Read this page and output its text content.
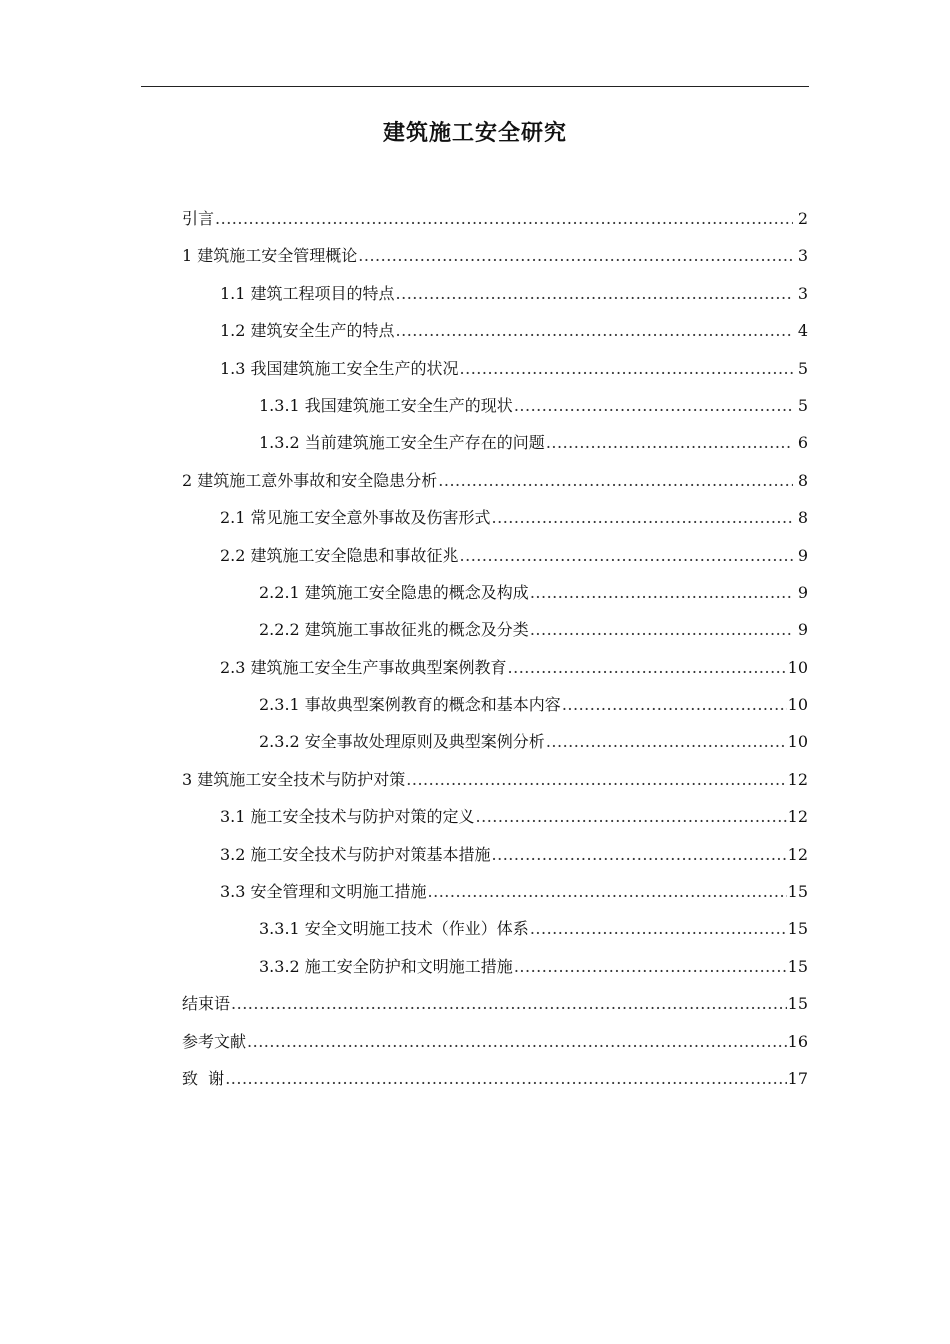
建筑施工安全研究
引言 .....	2
1 建筑施工安全管理概论 .....	3
1.1 建筑工程项目的特点 .....	3
1.2 建筑安全生产的特点 .....	4
1.3 我国建筑施工安全生产的状况 .....	5
1.3.1 我国建筑施工安全生产的现状 .....	5
1.3.2 当前建筑施工安全生产存在的问题 .....	6
2 建筑施工意外事故和安全隐患分析 .....	8
2.1 常见施工安全意外事故及伤害形式 .....	8
2.2 建筑施工安全隐患和事故征兆 .....	9
2.2.1 建筑施工安全隐患的概念及构成 .....	9
2.2.2 建筑施工事故征兆的概念及分类 .....	9
2.3 建筑施工安全生产事故典型案例教育 .....	10
2.3.1 事故典型案例教育的概念和基本内容 .....	10
2.3.2 安全事故处理原则及典型案例分析 .....	10
3 建筑施工安全技术与防护对策 .....	12
3.1 施工安全技术与防护对策的定义 .....	12
3.2 施工安全技术与防护对策基本措施 .....	12
3.3 安全管理和文明施工措施 .....	15
3.3.1 安全文明施工技术（作业）体系 .....	15
3.3.2 施工安全防护和文明施工措施 .....	15
结束语 .....	15
参考文献 .....	16
致  谢 .....	17
